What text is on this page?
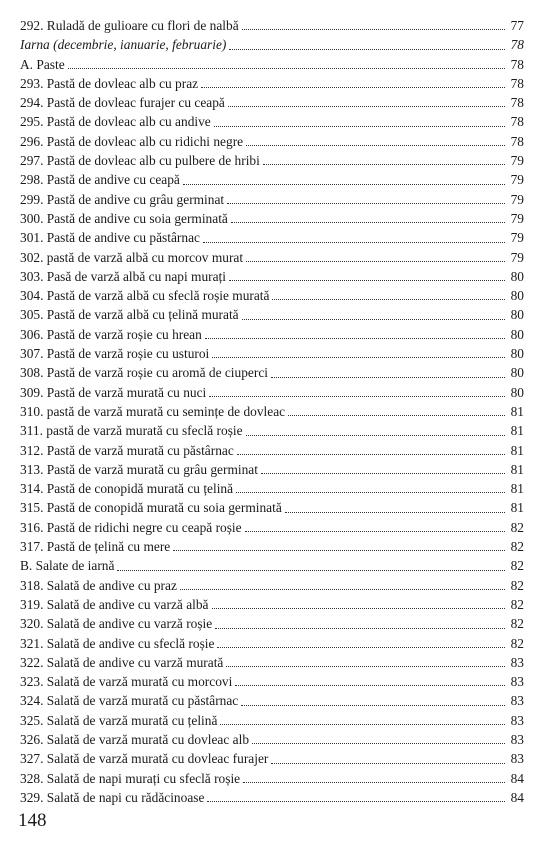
292. Ruladă de gulioare cu flori de nalbă	77
Iarna (decembrie, ianuarie, februarie)	78
A. Paste	78
293. Pastă de dovleac alb cu praz	78
294. Pastă de dovleac furajer cu ceapă	78
295. Pastă de dovleac alb cu andive	78
296. Pastă de dovleac alb cu ridichi negre	78
297. Pastă de dovleac alb cu pulbere de hribi	79
298. Pastă de andive cu ceapă	79
299. Pastă de andive cu grâu germinat	79
300. Pastă de andive cu soia germinată	79
301. Pastă de andive cu păstârnac	79
302. pastă de varză albă cu morcov murat	79
303. Pasă de varză albă cu napi murați	80
304. Pastă de varză albă cu sfeclă roșie murată	80
305. Pastă de varză albă cu țelină murată	80
306. Pastă de varză roșie cu hrean	80
307. Pastă de varză roșie cu usturoi	80
308. Pastă de varză roșie cu aromă de ciuperci	80
309. Pastă de varză murată cu nuci	80
310. pastă de varză murată cu semințe de dovleac	81
311. pastă de varză murată cu sfeclă roșie	81
312. Pastă de varză murată cu păstârnac	81
313. Pastă de varză murată cu grâu germinat	81
314. Pastă de conopidă murată cu țelină	81
315. Pastă de conopidă murată cu soia germinată	81
316. Pastă de ridichi negre cu ceapă roșie	82
317. Pastă de țelină cu mere	82
B. Salate de iarnă	82
318. Salată de andive cu praz	82
319. Salată de andive cu varză albă	82
320. Salată de andive cu varză roșie	82
321. Salată de andive cu sfeclă roșie	82
322. Salată de andive cu varză murată	83
323. Salată de varză murată cu morcovi	83
324. Salată de varză murată cu păstârnac	83
325. Salată de varză murată cu țelină	83
326. Salată de varză murată cu dovleac alb	83
327. Salată de varză murată cu dovleac furajer	83
328. Salată de napi murați cu sfeclă roșie	84
329. Salată de napi cu rădăcinoase	84
148
